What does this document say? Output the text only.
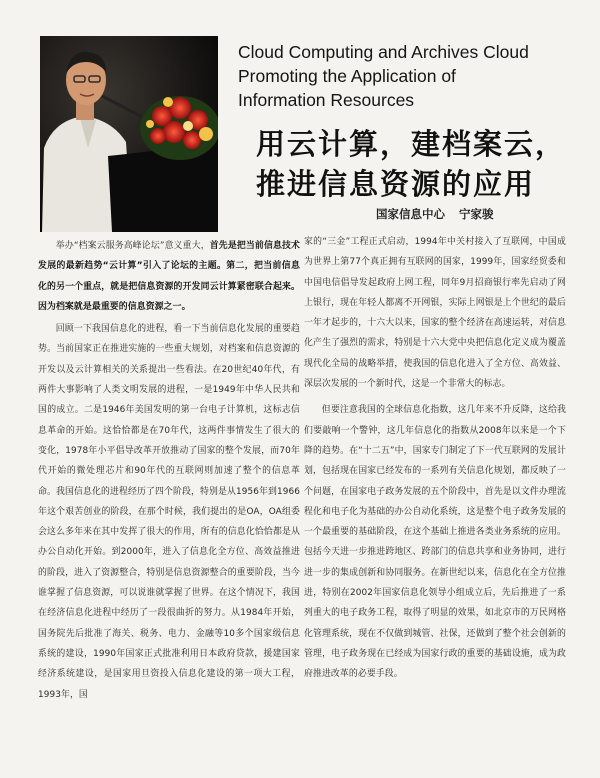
Cloud Computing and Archives Cloud
Promoting the Application of
Information Resources
用云计算，建档案云，
推进信息资源的应用
国家信息中心 宁家骏

举办“档案云服务高峰论坛”意义重大，首先是把当前信息技术发展的最新趋势“云计算”引入了论坛的主题。第二，把当前信息化的另一个重点，就是把信息资源的开发同云计算紧密联合起来。因为档案就是最重要的信息资源之一。

回顾一下我国信息化的进程，看一下当前信息化发展的重要趋势。当前国家正在推进实施的一些重大规划，对档案和信息资源的开发以及云计算相关的关系提出一些看法。在20世纪40年代，有两件大事影响了人类文明发展的进程，一是1949年中华人民共和国的成立。二是1946年美国发明的第一台电子计算机，这标志信息革命的开始。这恰恰都是在70年代，这两件事情发生了很大的变化，1978年小平倡导改革开放推动了国家的整个发展，而70年代开始的微处理芯片和90年代的互联网则加速了整个的信息革命。我国信息化的进程经历了四个阶段，特别是从1956年到1966年这个艰苦创业的阶段，在那个时候，我们提出的是OA，OA组委会这么多年来在其中发挥了很大的作用，所有的信息化恰恰都是从办公自动化开始。到2000年，进入了信息化全方位、高效益推进的阶段，进入了资源整合，特别是信息资源整合的重要阶段，当今谁掌握了信息资源，可以说谁就掌握了世界。在这个情况下，我国在经济信息化进程中经历了一段很曲折的努力。从1984年开始，国务院先后批准了海关、税务、电力、金融等10多个国家级信息系统的建设，1990年国家正式批准利用日本政府贷款，援建国家经济系统建设，是国家用旦资投入信息化建设的第一项大工程，1993年，国

家的“三金”工程正式启动，1994年中关村接入了互联网，中国成为世界上第77个真正拥有互联网的国家，1999年，国家经贸委和中国电信倡导发起政府上网工程，同年9月招商银行率先启动了网上银行，现在年轻人都离不开网银，实际上网银是上个世纪的最后一年才起步的，十六大以来，国家的整个经济在高速运转，对信息化产生了强烈的需求，特别是十六大党中央把信息化定义成为覆盖现代化全局的战略举措，使我国的信息化进入了全方位、高效益、深层次发展的一个新时代，这是一个非常大的标志。

但要注意我国的全球信息化指数，这几年来不升反降，这给我们要敲响一个警钟，这几年信息化的指数从2008年以来是一个下降的趋势。在“十二五”中，国家专门制定了下一代互联网的发展计划，包括现在国家已经发布的一系列有关信息化规划，都反映了一个问题，在国家电子政务发展的五个阶段中，首先是以文件办理流程化和电子化为基础的办公自动化系统，这是整个电子政务发展的一个最重要的基础阶段，在这个基础上推进各类业务系统的应用。包括今天进一步推进跨地区、跨部门的信息共享和业务协同，进行进一步的集成创新和协同服务。在新世纪以来，信息化在全方位推进，特别在2002年国家信息化领导小组成立后，先后推进了一系列重大的电子政务工程，取得了明显的效果，如北京市的万民网格化管理系统，现在不仅做到城管、社保，还做到了整个社会创新的管理，电子政务现在已经成为国家行政的重要的基础设施，成为政府推进改革的必要手段。
